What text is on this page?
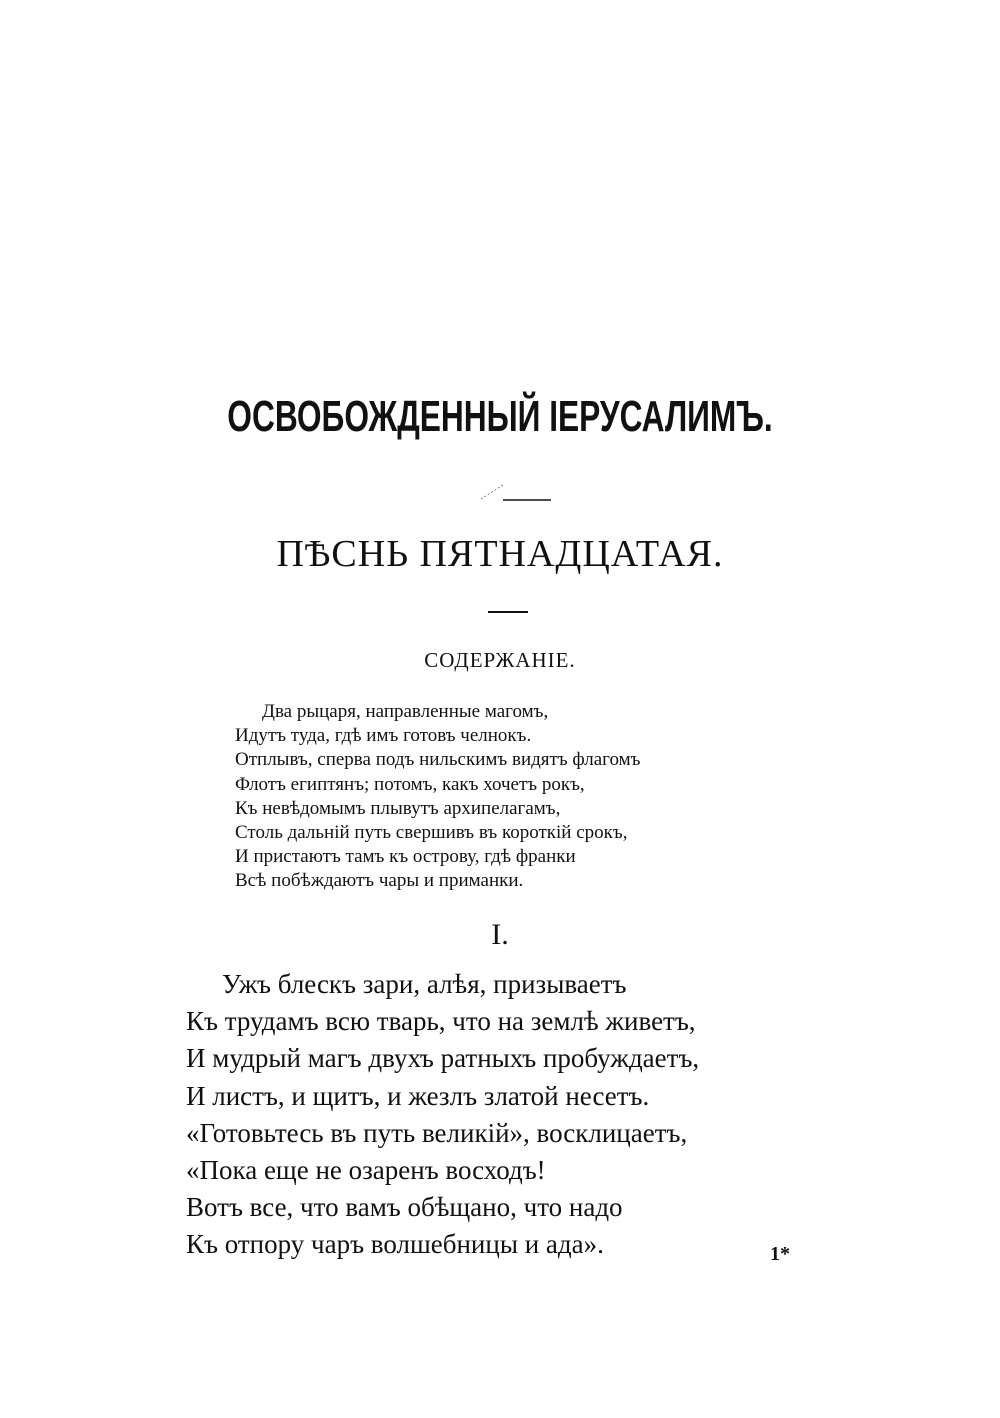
ОСВОБОЖДЕННЫЙ ІЕРУСАЛИМЪ.
ПѢСНЬ ПЯТНАДЦАТАЯ.
СОДЕРЖАНІЕ.
Два рыцаря, направленные магомъ,
Идутъ туда, гдѣ имъ готовъ челнокъ.
Отплывъ, сперва подъ нильскимъ видятъ флагомъ
Флотъ египтянъ; потомъ, какъ хочетъ рокъ,
Къ невѣдомымъ плывутъ архипелагамъ,
Столь дальній путь свершивъ въ короткій срокъ,
И пристаютъ тамъ къ острову, гдѣ франки
Всѣ побѣждаютъ чары и приманки.
I.
Ужъ блескъ зари, алѣя, призываетъ
Къ трудамъ всю тварь, что на землѣ живетъ,
И мудрый магъ двухъ ратныхъ пробуждаетъ,
И листъ, и щитъ, и жезлъ златой несетъ.
«Готовьтесь въ путь великій», восклицаетъ,
«Пока еще не озаренъ восходъ!
Вотъ все, что вамъ обѣщано, что надо
Къ отпору чаръ волшебницы и ада».	1*
